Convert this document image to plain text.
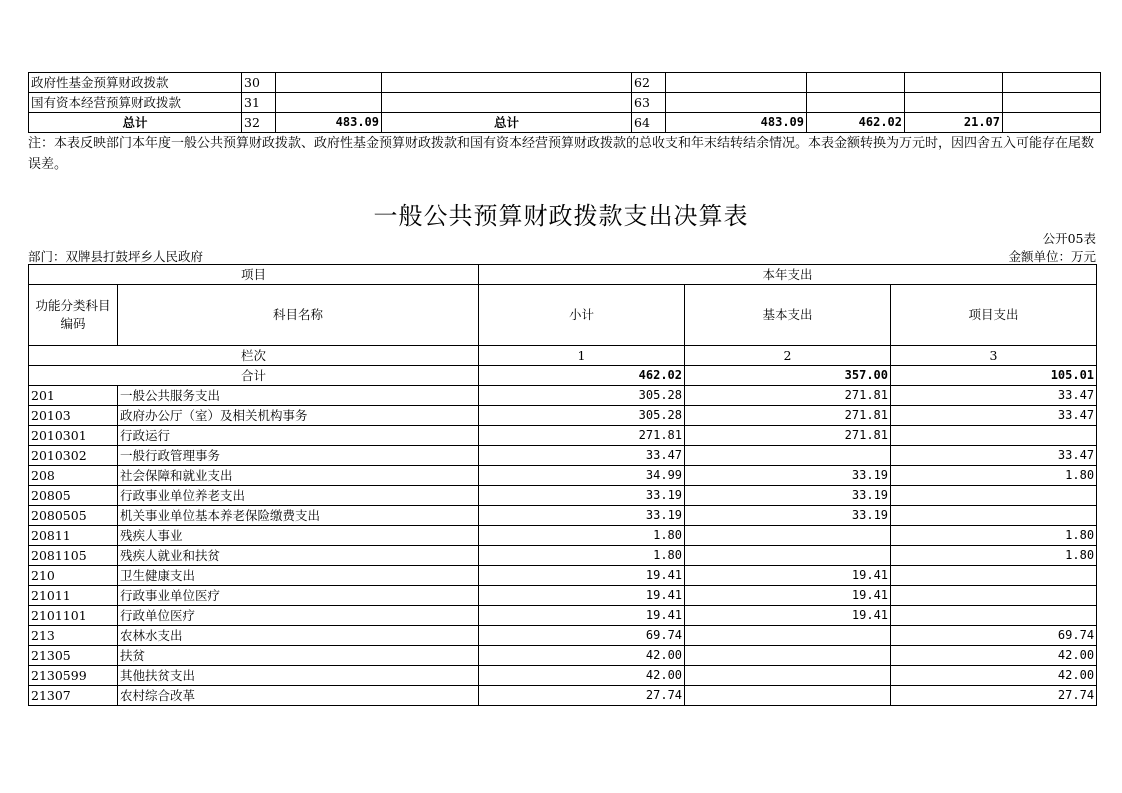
政府性基金预算财政拨款	30			62				
国有资本经营预算财政拨款	31			63				
总计	32	483.09	总计	64	483.09	462.02	21.07	
注：本表反映部门本年度一般公共预算财政拨款、政府性基金预算财政拨款和国有资本经营预算财政拨款的总收支和年末结转结余情况。本表金额转换为万元时，因四舍五入可能存在尾数误差。
一般公共预算财政拨款支出决算表
公开05表
部门：双牌县打鼓坪乡人民政府	金额单位：万元
项目		本年支出		
功能分类科目编码	科目名称	小计	基本支出	项目支出
栏次		1	2	3
合计		462.02	357.00	105.01
201	一般公共服务支出	305.28	271.81	33.47
20103	政府办公厅（室）及相关机构事务	305.28	271.81	33.47
2010301	行政运行	271.81	271.81	
2010302	一般行政管理事务	33.47		33.47
208	社会保障和就业支出	34.99	33.19	1.80
20805	行政事业单位养老支出	33.19	33.19	
2080505	机关事业单位基本养老保险缴费支出	33.19	33.19	
20811	残疾人事业	1.80		1.80
2081105	残疾人就业和扶贫	1.80		1.80
210	卫生健康支出	19.41	19.41	
21011	行政事业单位医疗	19.41	19.41	
2101101	行政单位医疗	19.41	19.41	
213	农林水支出	69.74		69.74
21305	扶贫	42.00		42.00
2130599	其他扶贫支出	42.00		42.00
21307	农村综合改革	27.74		27.74
